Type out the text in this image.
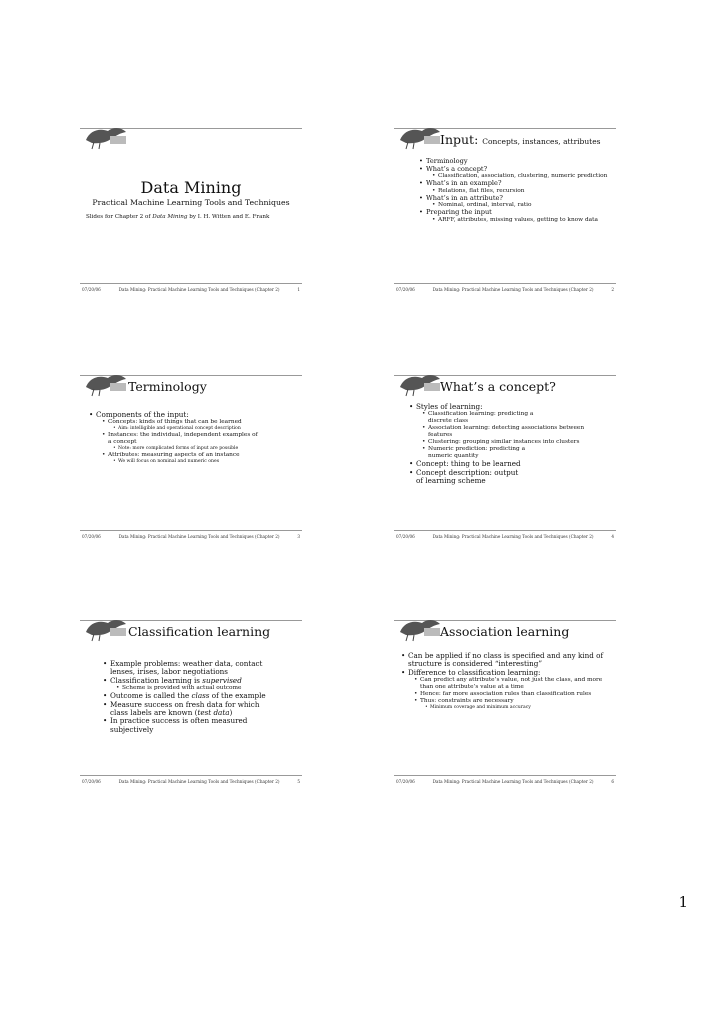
Data Mining
Practical Machine Learning Tools and Techniques
Slides for Chapter 2 of Data Mining by I. H. Witten and E. Frank
07/20/06	Data Mining: Practical Machine Learning Tools and Techniques (Chapter 2)	1
Input: Concepts, instances, attributes
• Terminology
• What’s a concept?
• Classification, association, clustering, numeric prediction
• What’s in an example?
• Relations, flat files, recursion
• What’s in an attribute?
• Nominal, ordinal, interval, ratio
• Preparing the input
• ARFF, attributes, missing values, getting to know data
07/20/06	Data Mining: Practical Machine Learning Tools and Techniques (Chapter 2)	2
Terminology
• Components of the input:
• Concepts: kinds of things that can be learned
• Aim: intelligible and operational concept description
• Instances: the individual, independent examples of a concept
• Note: more complicated forms of input are possible
• Attributes: measuring aspects of an instance
• We will focus on nominal and numeric ones
07/20/06	Data Mining: Practical Machine Learning Tools and Techniques (Chapter 2)	3
What’s a concept?
• Styles of learning:
• Classification learning: predicting a discrete class
• Association learning: detecting associations between features
• Clustering: grouping similar instances into clusters
• Numeric prediction: predicting a numeric quantity
• Concept: thing to be learned
• Concept description: output of learning scheme
07/20/06	Data Mining: Practical Machine Learning Tools and Techniques (Chapter 2)	4
Classification learning
• Example problems: weather data, contact lenses, irises, labor negotiations
• Classification learning is supervised
• Scheme is provided with actual outcome
• Outcome is called the class of the example
• Measure success on fresh data for which class labels are known (test data)
• In practice success is often measured subjectively
07/20/06	Data Mining: Practical Machine Learning Tools and Techniques (Chapter 2)	5
Association learning
• Can be applied if no class is specified and any kind of structure is considered “interesting”
• Difference to classification learning:
• Can predict any attribute’s value, not just the class, and more than one attribute’s value at a time
• Hence: far more association rules than classification rules
• Thus: constraints are necessary
• Minimum coverage and minimum accuracy
07/20/06	Data Mining: Practical Machine Learning Tools and Techniques (Chapter 2)	6
1
